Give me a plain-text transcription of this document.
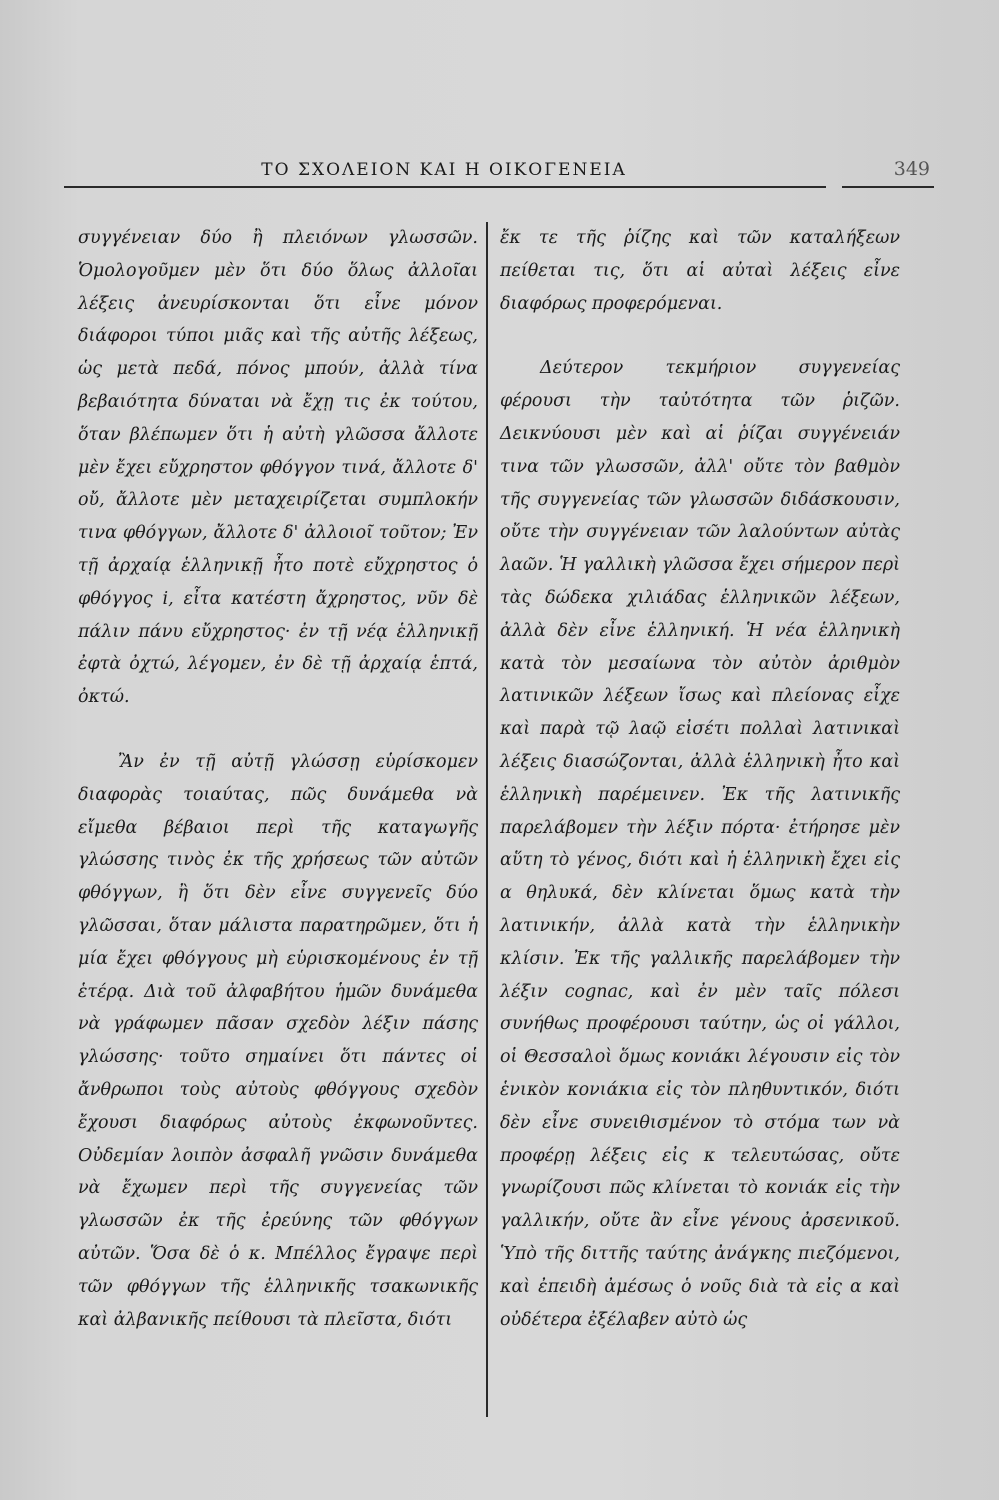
ΤΟ ΣΧΟΛΕΙΟΝ ΚΑΙ Η ΟΙΚΟΓΕΝΕΙΑ	349

συγγένειαν δύο ἢ πλειόνων γλωσσῶν. Ὁμολογοῦμεν μὲν ὅτι δύο ὅλως ἀλλοῖαι λέξεις ἀνευρίσκονται ὅτι εἶνε μόνον διάφοροι τύποι μιᾶς καὶ τῆς αὐτῆς λέξεως, ὡς μετὰ πεδά, πόνος μπούν, ἀλλὰ τίνα βεβαιότητα δύναται νὰ ἔχῃ τις ἐκ τούτου, ὅταν βλέπωμεν ὅτι ἡ αὐτὴ γλῶσσα ἄλλοτε μὲν ἔχει εὔχρηστον φθόγγον τινά, ἄλλοτε δ' οὔ, ἄλλοτε μὲν μεταχειρίζεται συμπλοκήν τινα φθόγγων, ἄλλοτε δ' ἀλλοιοῖ τοῦτον; Ἐν τῇ ἀρχαίᾳ ἑλληνικῇ ἦτο ποτὲ εὔχρηστος ὁ φθόγγος i, εἶτα κατέστη ἄχρηστος, νῦν δὲ πάλιν πάνυ εὔχρηστος· ἐν τῇ νέᾳ ἑλληνικῇ ἐφτὰ ὀχτώ, λέγομεν, ἐν δὲ τῇ ἀρχαίᾳ ἑπτά, ὀκτώ.

Ἂν ἐν τῇ αὐτῇ γλώσσῃ εὑρίσκομεν διαφορὰς τοιαύτας, πῶς δυνάμεθα νὰ εἴμεθα βέβαιοι περὶ τῆς καταγωγῆς γλώσσης τινὸς ἐκ τῆς χρήσεως τῶν αὐτῶν φθόγγων, ἢ ὅτι δὲν εἶνε συγγενεῖς δύο γλῶσσαι, ὅταν μάλιστα παρατηρῶμεν, ὅτι ἡ μία ἔχει φθόγγους μὴ εὑρισκομένους ἐν τῇ ἑτέρᾳ. Διὰ τοῦ ἀλφαβήτου ἡμῶν δυνάμεθα νὰ γράφωμεν πᾶσαν σχεδὸν λέξιν πάσης γλώσσης· τοῦτο σημαίνει ὅτι πάντες οἱ ἄνθρωποι τοὺς αὐτοὺς φθόγγους σχεδὸν ἔχουσι διαφόρως αὐτοὺς ἐκφωνοῦντες. Οὐδεμίαν λοιπὸν ἀσφαλῆ γνῶσιν δυνάμεθα νὰ ἔχωμεν περὶ τῆς συγγενείας τῶν γλωσσῶν ἐκ τῆς ἐρεύνης τῶν φθόγγων αὐτῶν. Ὅσα δὲ ὁ κ. Μπέλλος ἔγραψε περὶ τῶν φθόγγων τῆς ἑλληνικῆς τσακωνικῆς καὶ ἀλβανικῆς πείθουσι τὰ πλεῖστα, διότι

ἔκ τε τῆς ῥίζης καὶ τῶν καταλήξεων πείθεται τις, ὅτι αἱ αὐταὶ λέξεις εἶνε διαφόρως προφερόμεναι.

Δεύτερον τεκμήριον συγγενείας φέρουσι τὴν ταὐτότητα τῶν ῥιζῶν. Δεικνύουσι μὲν καὶ αἱ ῥίζαι συγγένειάν τινα τῶν γλωσσῶν, ἀλλ' οὔτε τὸν βαθμὸν τῆς συγγενείας τῶν γλωσσῶν διδάσκουσιν, οὔτε τὴν συγγένειαν τῶν λαλούντων αὐτὰς λαῶν. Ἡ γαλλικὴ γλῶσσα ἔχει σήμερον περὶ τὰς δώδεκα χιλιάδας ἑλληνικῶν λέξεων, ἀλλὰ δὲν εἶνε ἑλληνική. Ἡ νέα ἑλληνικὴ κατὰ τὸν μεσαίωνα τὸν αὐτὸν ἀριθμὸν λατινικῶν λέξεων ἴσως καὶ πλείονας εἶχε καὶ παρὰ τῷ λαῷ εἰσέτι πολλαὶ λατινικαὶ λέξεις διασώζονται, ἀλλὰ ἑλληνικὴ ἦτο καὶ ἑλληνικὴ παρέμεινεν. Ἐκ τῆς λατινικῆς παρελάβομεν τὴν λέξιν πόρτα· ἐτήρησε μὲν αὕτη τὸ γένος, διότι καὶ ἡ ἑλληνικὴ ἔχει εἰς α θηλυκά, δὲν κλίνεται ὅμως κατὰ τὴν λατινικήν, ἀλλὰ κατὰ τὴν ἑλληνικὴν κλίσιν. Ἐκ τῆς γαλλικῆς παρελάβομεν τὴν λέξιν cognac, καὶ ἐν μὲν ταῖς πόλεσι συνήθως προφέρουσι ταύτην, ὡς οἱ γάλλοι, οἱ Θεσσαλοὶ ὅμως κονιάκι λέγουσιν εἰς τὸν ἑνικὸν κονιάκια εἰς τὸν πληθυντικόν, διότι δὲν εἶνε συνειθισμένον τὸ στόμα των νὰ προφέρῃ λέξεις εἰς κ τελευτώσας, οὔτε γνωρίζουσι πῶς κλίνεται τὸ κονιάκ εἰς τὴν γαλλικήν, οὔτε ἂν εἶνε γένους ἀρσενικοῦ. Ὑπὸ τῆς διττῆς ταύτης ἀνάγκης πιεζόμενοι, καὶ ἐπειδὴ ἀμέσως ὁ νοῦς διὰ τὰ εἰς α καὶ οὐδέτερα ἐξέλαβεν αὐτὸ ὡς
